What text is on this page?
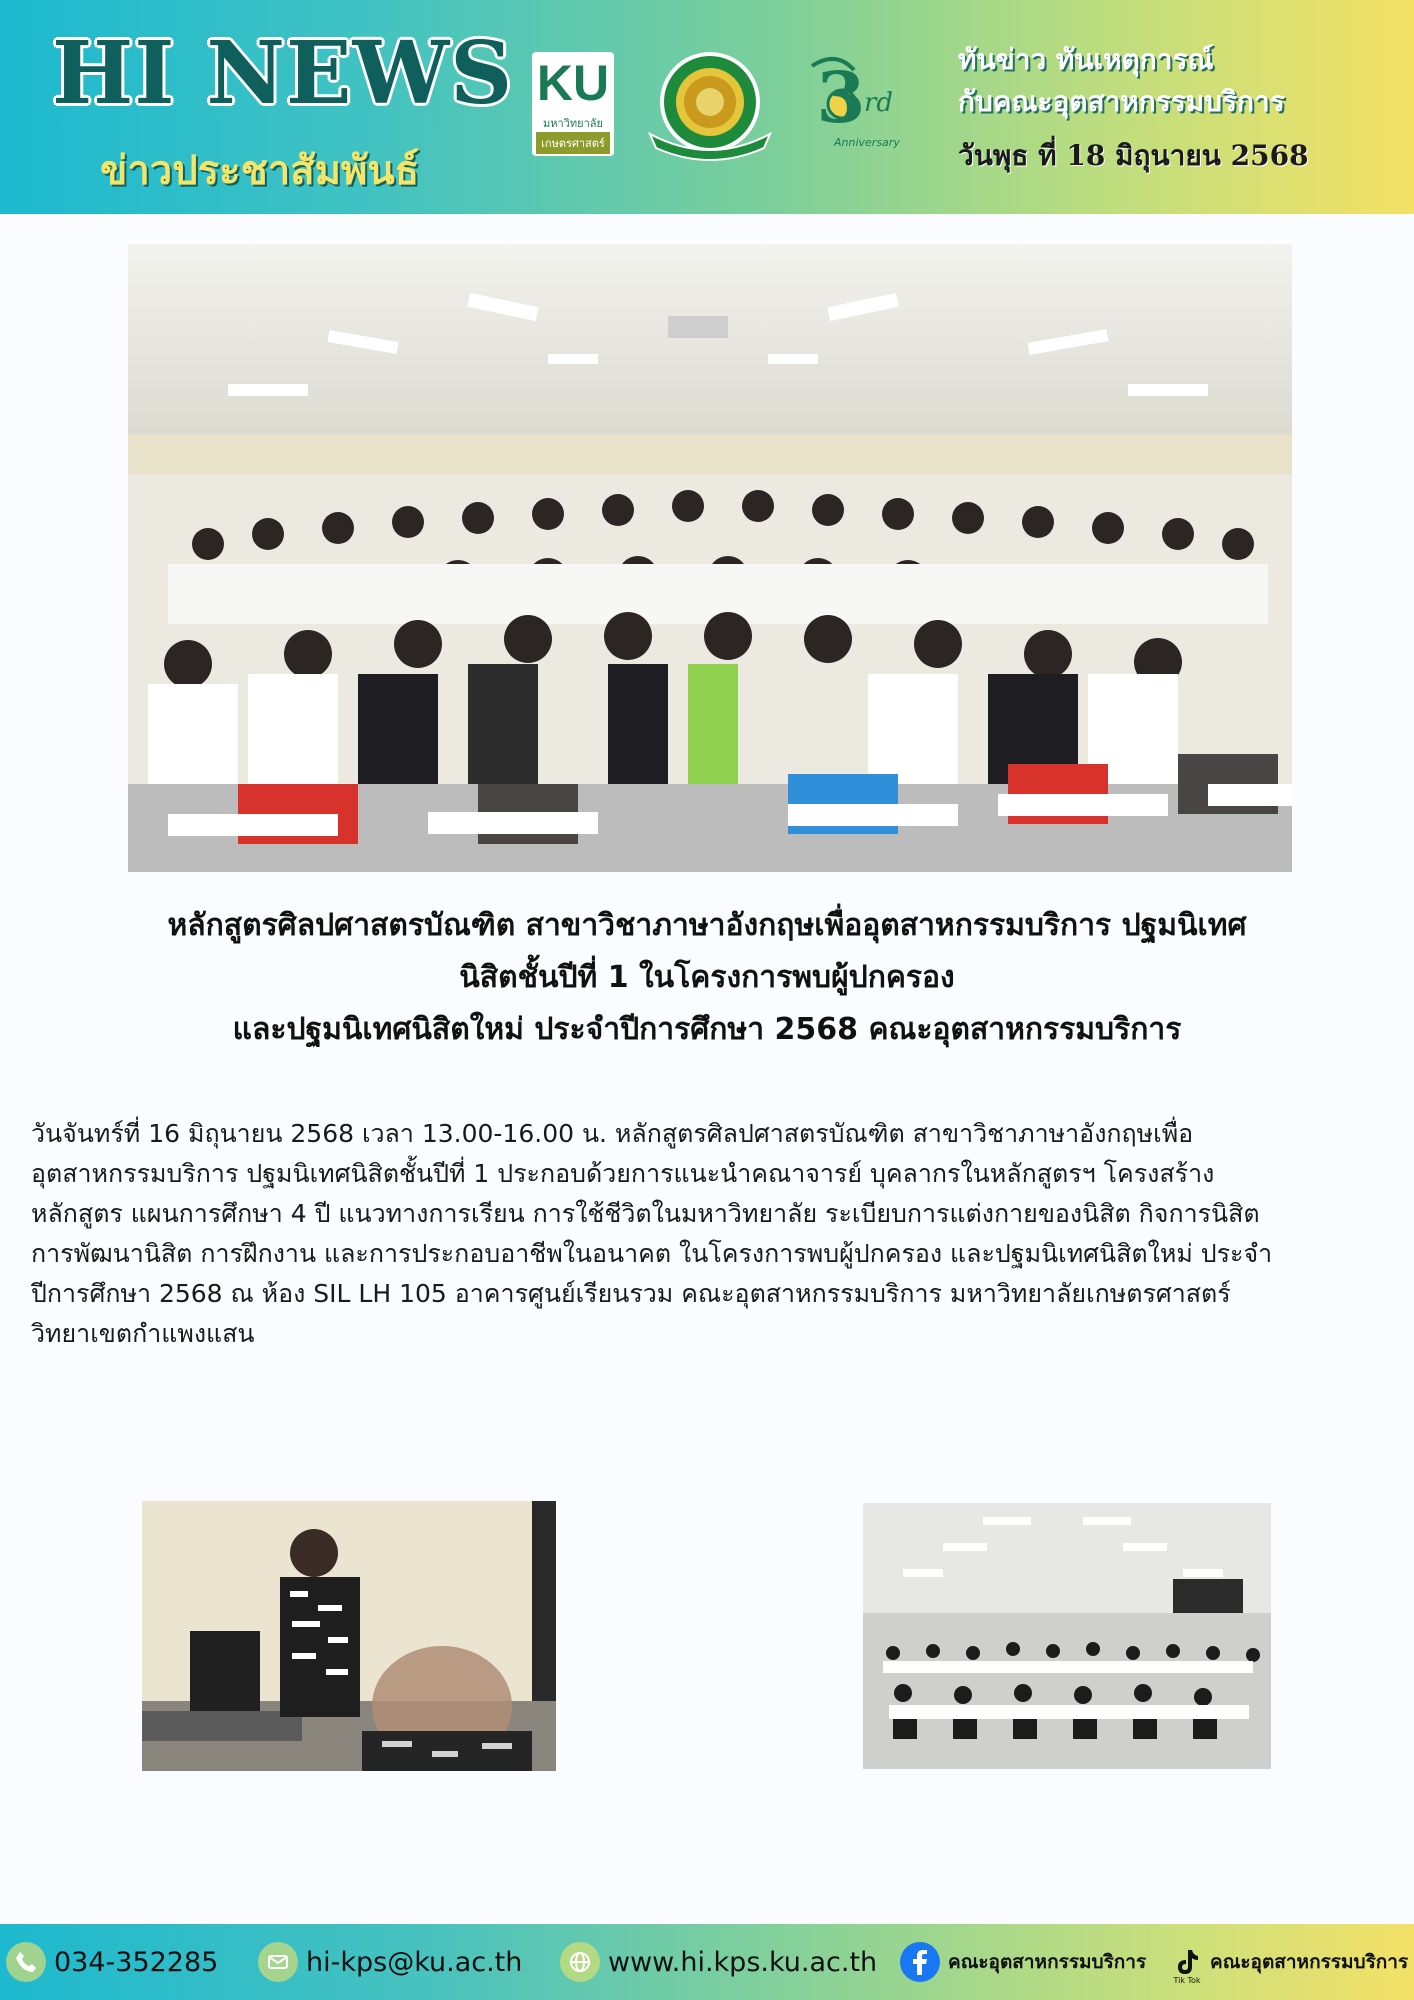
HI NEWS
ข่าวประชาสัมพันธ์
KU
มหาวิทยาลัย
เกษตรศาสตร์
3
rd
Anniversary
ทันข่าว ทันเหตุการณ์
กับคณะอุตสาหกรรมบริการ
วันพุธ ที่ 18 มิถุนายน 2568
หลักสูตรศิลปศาสตรบัณฑิต สาขาวิชาภาษาอังกฤษเพื่ออุตสาหกรรมบริการ ปฐมนิเทศ
นิสิตชั้นปีที่ 1 ในโครงการพบผู้ปกครอง
และปฐมนิเทศนิสิตใหม่ ประจำปีการศึกษา 2568 คณะอุตสาหกรรมบริการ
วันจันทร์ที่ 16 มิถุนายน 2568 เวลา 13.00-16.00 น. หลักสูตรศิลปศาสตรบัณฑิต สาขาวิชาภาษาอังกฤษเพื่อ
อุตสาหกรรมบริการ ปฐมนิเทศนิสิตชั้นปีที่ 1 ประกอบด้วยการแนะนำคณาจารย์ บุคลากรในหลักสูตรฯ โครงสร้าง
หลักสูตร แผนการศึกษา 4 ปี แนวทางการเรียน การใช้ชีวิตในมหาวิทยาลัย ระเบียบการแต่งกายของนิสิต กิจการนิสิต
การพัฒนานิสิต การฝึกงาน และการประกอบอาชีพในอนาคต ในโครงการพบผู้ปกครอง และปฐมนิเทศนิสิตใหม่ ประจำ
ปีการศึกษา 2568 ณ ห้อง SIL LH 105 อาคารศูนย์เรียนรวม คณะอุตสาหกรรมบริการ มหาวิทยาลัยเกษตรศาสตร์
วิทยาเขตกำแพงแสน
034-352285	hi-kps@ku.ac.th	www.hi.kps.ku.ac.th	คณะอุตสาหกรรมบริการ
Tik Tok
คณะอุตสาหกรรมบริการ
